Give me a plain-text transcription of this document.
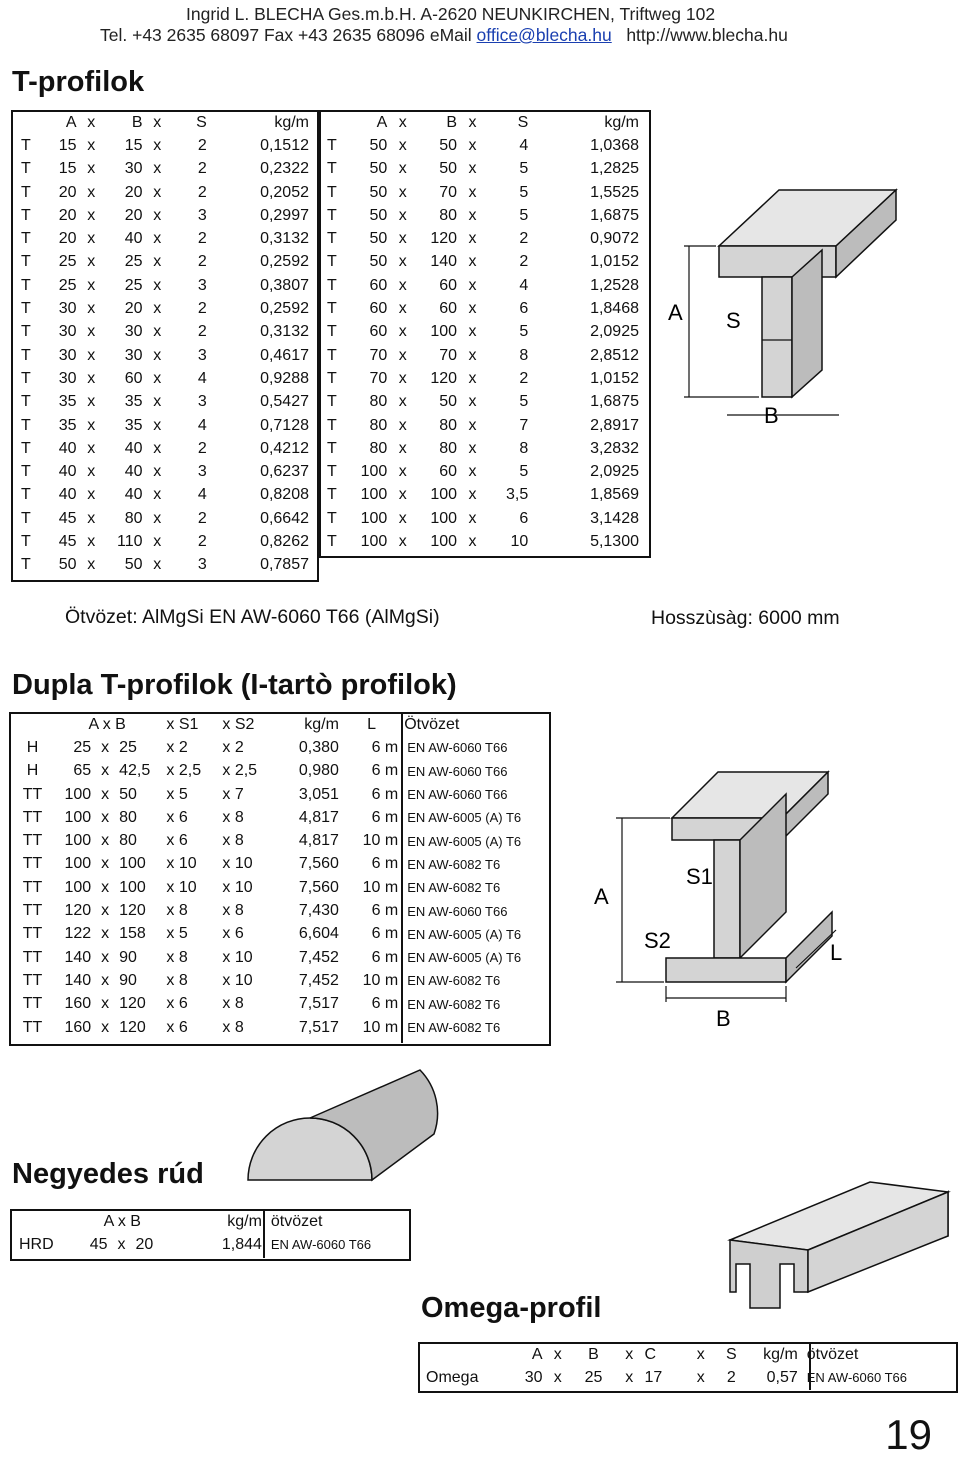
Ingrid L. BLECHA Ges.m.b.H. A-2620 NEUNKIRCHEN, Triftweg 102
Tel. +43 2635 68097 Fax +43 2635 68096 eMail office@blecha.hu http://www.blecha.hu
T-profilok
	A	x	B	x	S	kg/m
T	15	x	15	x	2	0,1512
T	15	x	30	x	2	0,2322
T	20	x	20	x	2	0,2052
T	20	x	20	x	3	0,2997
T	20	x	40	x	2	0,3132
T	25	x	25	x	2	0,2592
T	25	x	25	x	3	0,3807
T	30	x	20	x	2	0,2592
T	30	x	30	x	2	0,3132
T	30	x	30	x	3	0,4617
T	30	x	60	x	4	0,9288
T	35	x	35	x	3	0,5427
T	35	x	35	x	4	0,7128
T	40	x	40	x	2	0,4212
T	40	x	40	x	3	0,6237
T	40	x	40	x	4	0,8208
T	45	x	80	x	2	0,6642
T	45	x	110	x	2	0,8262
T	50	x	50	x	3	0,7857
	A	x	B	x	S	kg/m
T	50	x	50	x	4	1,0368
T	50	x	50	x	5	1,2825
T	50	x	70	x	5	1,5525
T	50	x	80	x	5	1,6875
T	50	x	120	x	2	0,9072
T	50	x	140	x	2	1,0152
T	60	x	60	x	4	1,2528
T	60	x	60	x	6	1,8468
T	60	x	100	x	5	2,0925
T	70	x	70	x	8	2,8512
T	70	x	120	x	2	1,0152
T	80	x	50	x	5	1,6875
T	80	x	80	x	7	2,8917
T	80	x	80	x	8	3,2832
T	100	x	60	x	5	2,0925
T	100	x	100	x	3,5	1,8569
T	100	x	100	x	6	3,1428
T	100	x	100	x	10	5,1300
A S
B
Ötvözet: AlMgSi EN AW-6060 T66 (AlMgSi)	Hosszùsàg: 6000 mm
Dupla T-profilok (I-tartò profilok)
	A x B			x S1	x S2	kg/m	L	Ötvözet
H	25	x	25	x 2	x 2	0,380	6 m	EN AW-6060 T66
H	65	x	42,5	x 2,5	x 2,5	0,980	6 m	EN AW-6060 T66
TT	100	x	50	x 5	x 7	3,051	6 m	EN AW-6060 T66
TT	100	x	80	x 6	x 8	4,817	6 m	EN AW-6005 (A) T6
TT	100	x	80	x 6	x 8	4,817	10 m	EN AW-6005 (A) T6
TT	100	x	100	x 10	x 10	7,560	6 m	EN AW-6082 T6
TT	100	x	100	x 10	x 10	7,560	10 m	EN AW-6082 T6
TT	120	x	120	x 8	x 8	7,430	6 m	EN AW-6060 T66
TT	122	x	158	x 5	x 6	6,604	6 m	EN AW-6005 (A) T6
TT	140	x	90	x 8	x 10	7,452	6 m	EN AW-6005 (A) T6
TT	140	x	90	x 8	x 10	7,452	10 m	EN AW-6082 T6
TT	160	x	120	x 6	x 8	7,517	6 m	EN AW-6082 T6
TT	160	x	120	x 6	x 8	7,517	10 m	EN AW-6082 T6
A
S1
S2	L
B
Negyedes rúd
	A x B			kg/m	ötvözet
HRD	45	x	20	1,844	EN AW-6060 T66
Omega-profil
	A	x	B	x	C	x	S	kg/m	ötvözet
Omega	30	x	25	x	17	x	2	0,57	EN AW-6060 T66
19
